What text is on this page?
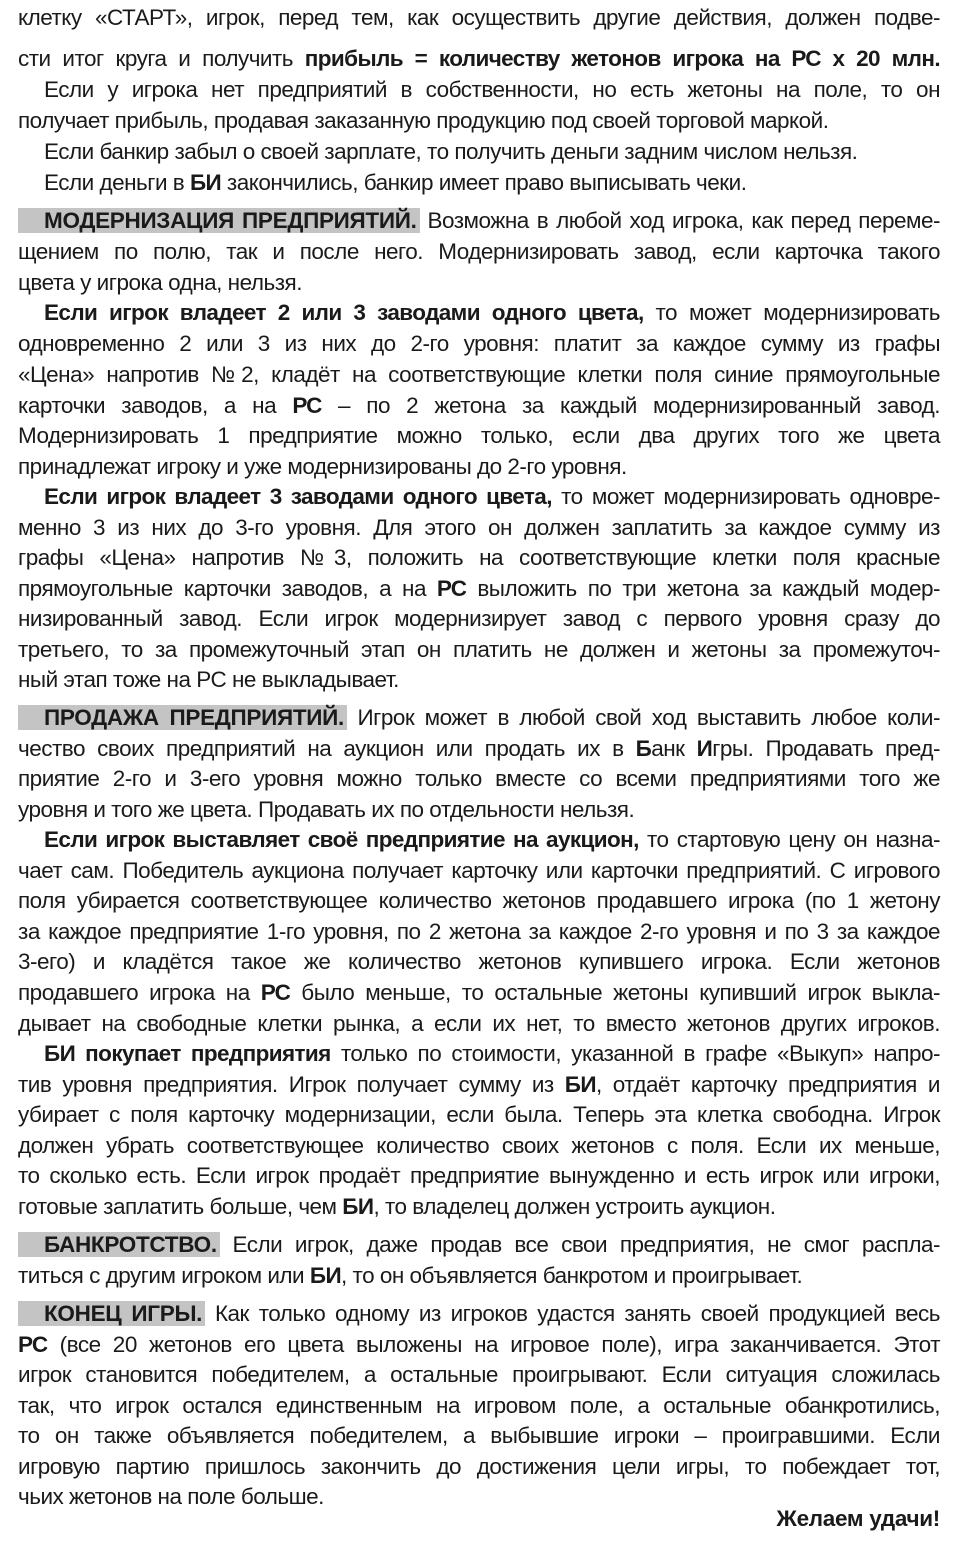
клетку «СТАРТ», игрок, перед тем, как осуществить другие действия, должен подве-
сти итог круга и получить прибыль = количеству жетонов игрока на РС х 20 млн.
Если у игрока нет предприятий в собственности, но есть жетоны на поле, то он
получает прибыль, продавая заказанную продукцию под своей торговой маркой.
Если банкир забыл о своей зарплате, то получить деньги задним числом нельзя.
Если деньги в БИ закончились, банкир имеет право выписывать чеки.
МОДЕРНИЗАЦИЯ ПРЕДПРИЯТИЙ. Возможна в любой ход игрока, как перед переме-
щением по полю, так и после него. Модернизировать завод, если карточка такого
цвета у игрока одна, нельзя.
Если игрок владеет 2 или 3 заводами одного цвета, то может модернизировать
одновременно 2 или 3 из них до 2-го уровня: платит за каждое сумму из графы
«Цена» напротив №2, кладёт на соответствующие клетки поля синие прямоугольные
карточки заводов, а на РС – по 2 жетона за каждый модернизированный завод.
Модернизировать 1 предприятие можно только, если два других того же цвета
принадлежат игроку и уже модернизированы до 2-го уровня.
Если игрок владеет 3 заводами одного цвета, то может модернизировать одновре-
менно 3 из них до 3-го уровня. Для этого он должен заплатить за каждое сумму из
графы «Цена» напротив №3, положить на соответствующие клетки поля красные
прямоугольные карточки заводов, а на РС выложить по три жетона за каждый модер-
низированный завод. Если игрок модернизирует завод с первого уровня сразу до
третьего, то за промежуточный этап он платить не должен и жетоны за промежуточ-
ный этап тоже на РС не выкладывает.
ПРОДАЖА ПРЕДПРИЯТИЙ. Игрок может в любой свой ход выставить любое коли-
чество своих предприятий на аукцион или продать их в Банк Игры. Продавать пред-
приятие 2-го и 3-его уровня можно только вместе со всеми предприятиями того же
уровня и того же цвета. Продавать их по отдельности нельзя.
Если игрок выставляет своё предприятие на аукцион, то стартовую цену он назна-
чает сам. Победитель аукциона получает карточку или карточки предприятий. С игрового
поля убирается соответствующее количество жетонов продавшего игрока (по 1 жетону
за каждое предприятие 1-го уровня, по 2 жетона за каждое 2-го уровня и по 3 за каждое
3-его) и кладётся такое же количество жетонов купившего игрока. Если жетонов
продавшего игрока на РС было меньше, то остальные жетоны купивший игрок выкла-
дывает на свободные клетки рынка, а если их нет, то вместо жетонов других игроков.
БИ покупает предприятия только по стоимости, указанной в графе «Выкуп» напро-
тив уровня предприятия. Игрок получает сумму из БИ, отдаёт карточку предприятия и
убирает с поля карточку модернизации, если была. Теперь эта клетка свободна. Игрок
должен убрать соответствующее количество своих жетонов с поля. Если их меньше,
то сколько есть. Если игрок продаёт предприятие вынужденно и есть игрок или игроки,
готовые заплатить больше, чем БИ, то владелец должен устроить аукцион.
БАНКРОТСТВО. Если игрок, даже продав все свои предприятия, не смог распла-
титься с другим игроком или БИ, то он объявляется банкротом и проигрывает.
КОНЕЦ ИГРЫ. Как только одному из игроков удастся занять своей продукцией весь
РС (все 20 жетонов его цвета выложены на игровое поле), игра заканчивается. Этот
игрок становится победителем, а остальные проигрывают. Если ситуация сложилась
так, что игрок остался единственным на игровом поле, а остальные обанкротились,
то он также объявляется победителем, а выбывшие игроки – проигравшими. Если
игровую партию пришлось закончить до достижения цели игры, то побеждает тот,
чьих жетонов на поле больше.
Желаем удачи!
